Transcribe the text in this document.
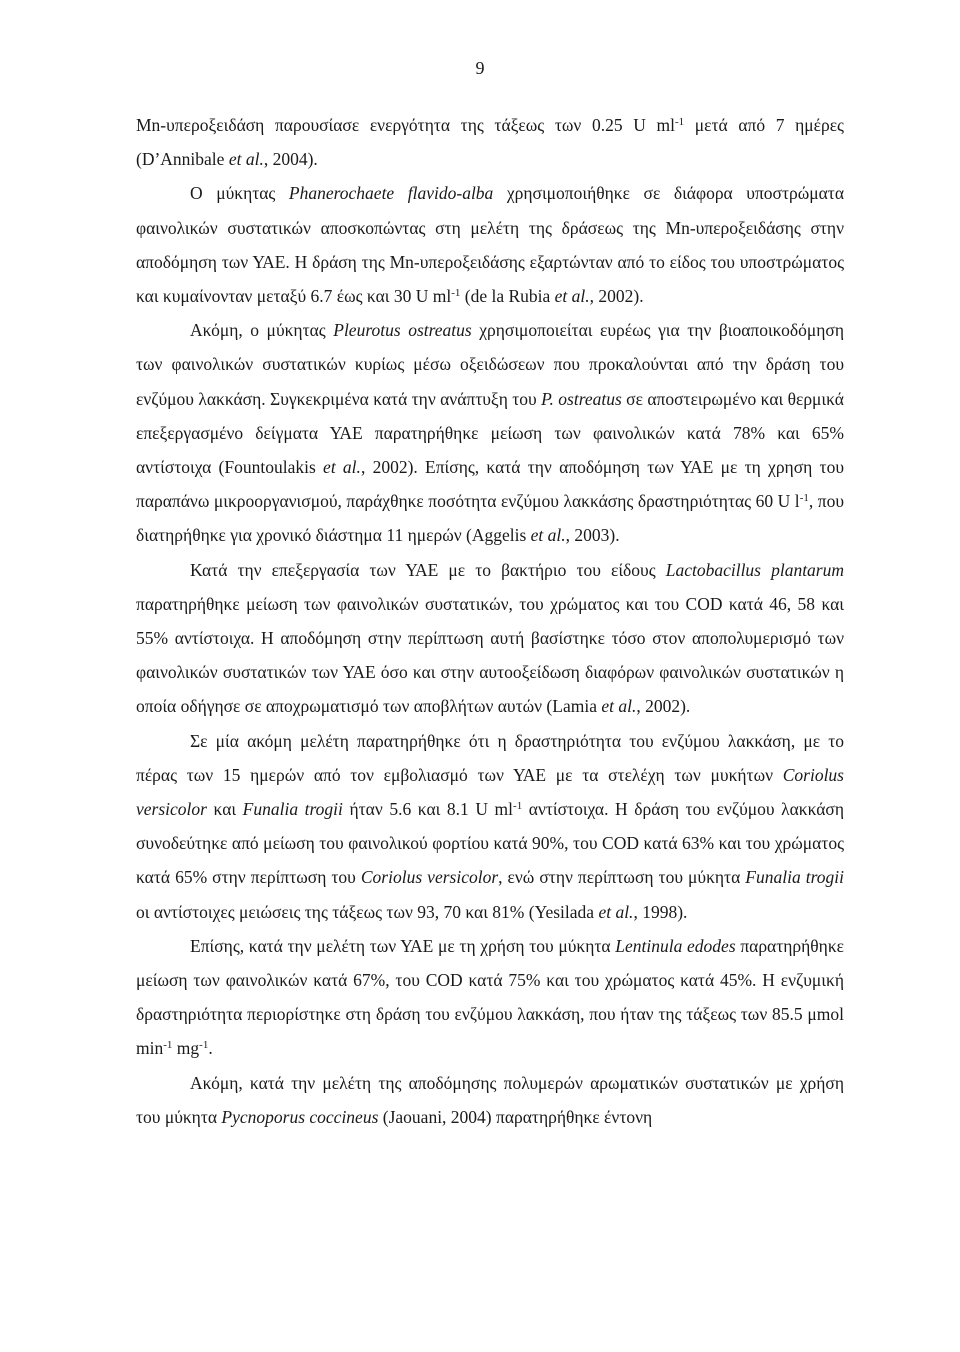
9

Mn-υπεροξειδάση παρουσίασε ενεργότητα της τάξεως των 0.25 U $ml^{-1}$ μετά από 7 ημέρες (D’Annibale et al., 2004).

Ο μύκητας Phanerochaete flavido-alba χρησιμοποιήθηκε σε διάφορα υποστρώματα φαινολικών συστατικών αποσκοπώντας στη μελέτη της δράσεως της Mn-υπεροξειδάσης στην αποδόμηση των ΥΑΕ. Η δράση της Mn-υπεροξειδάσης εξαρτώνταν από το είδος του υποστρώματος και κυμαίνονταν μεταξύ 6.7 έως και 30 U $ml^{-1}$ (de la Rubia et al., 2002).

Ακόμη, ο μύκητας Pleurotus ostreatus χρησιμοποιείται ευρέως για την βιοαποικοδόμηση των φαινολικών συστατικών κυρίως μέσω οξειδώσεων που προκαλούνται από την δράση του ενζύμου λακκάση. Συγκεκριμένα κατά την ανάπτυξη του P. ostreatus σε αποστειρωμένο και θερμικά επεξεργασμένο δείγματα ΥΑΕ παρατηρήθηκε μείωση των φαινολικών κατά 78% και 65% αντίστοιχα (Fountoulakis et al., 2002). Επίσης, κατά την αποδόμηση των ΥΑΕ με τη χρηση του παραπάνω μικροοργανισμού, παράχθηκε ποσότητα ενζύμου λακκάσης δραστηριότητας 60 U $l^{-1}$, που διατηρήθηκε για χρονικό διάστημα 11 ημερών (Aggelis et al., 2003).

Κατά την επεξεργασία των ΥΑΕ με το βακτήριο του είδους Lactobacillus plantarum παρατηρήθηκε μείωση των φαινολικών συστατικών, του χρώματος και του COD κατά 46, 58 και 55% αντίστοιχα. Η αποδόμηση στην περίπτωση αυτή βασίστηκε τόσο στον αποπολυμερισμό των φαινολικών συστατικών των ΥΑΕ όσο και στην αυτοοξείδωση διαφόρων φαινολικών συστατικών η οποία οδήγησε σε αποχρωματισμό των αποβλήτων αυτών (Lamia et al., 2002).

Σε μία ακόμη μελέτη παρατηρήθηκε ότι η δραστηριότητα του ενζύμου λακκάση, με το πέρας των 15 ημερών από τον εμβολιασμό των ΥΑΕ με τα στελέχη των μυκήτων Coriolus versicolor και Funalia trogii ήταν 5.6 και 8.1 U $ml^{-1}$ αντίστοιχα. Η δράση του ενζύμου λακκάση συνοδεύτηκε από μείωση του φαινολικού φορτίου κατά 90%, του COD κατά 63% και του χρώματος κατά 65% στην περίπτωση του Coriolus versicolor, ενώ στην περίπτωση του μύκητα Funalia trogii οι αντίστοιχες μειώσεις της τάξεως των 93, 70 και 81% (Yesilada et al., 1998).

Επίσης, κατά την μελέτη των ΥΑΕ με τη χρήση του μύκητα Lentinula edodes παρατηρήθηκε μείωση των φαινολικών κατά 67%, του COD κατά 75% και του χρώματος κατά 45%. Η ενζυμική δραστηριότητα περιορίστηκε στη δράση του ενζύμου λακκάση, που ήταν της τάξεως των 85.5 μmol $\min^{-1} mg^{-1}$.

Ακόμη, κατά την μελέτη της αποδόμησης πολυμερών αρωματικών συστατικών με χρήση του μύκητα Pycnoporus coccineus (Jaouani, 2004) παρατηρήθηκε έντονη
